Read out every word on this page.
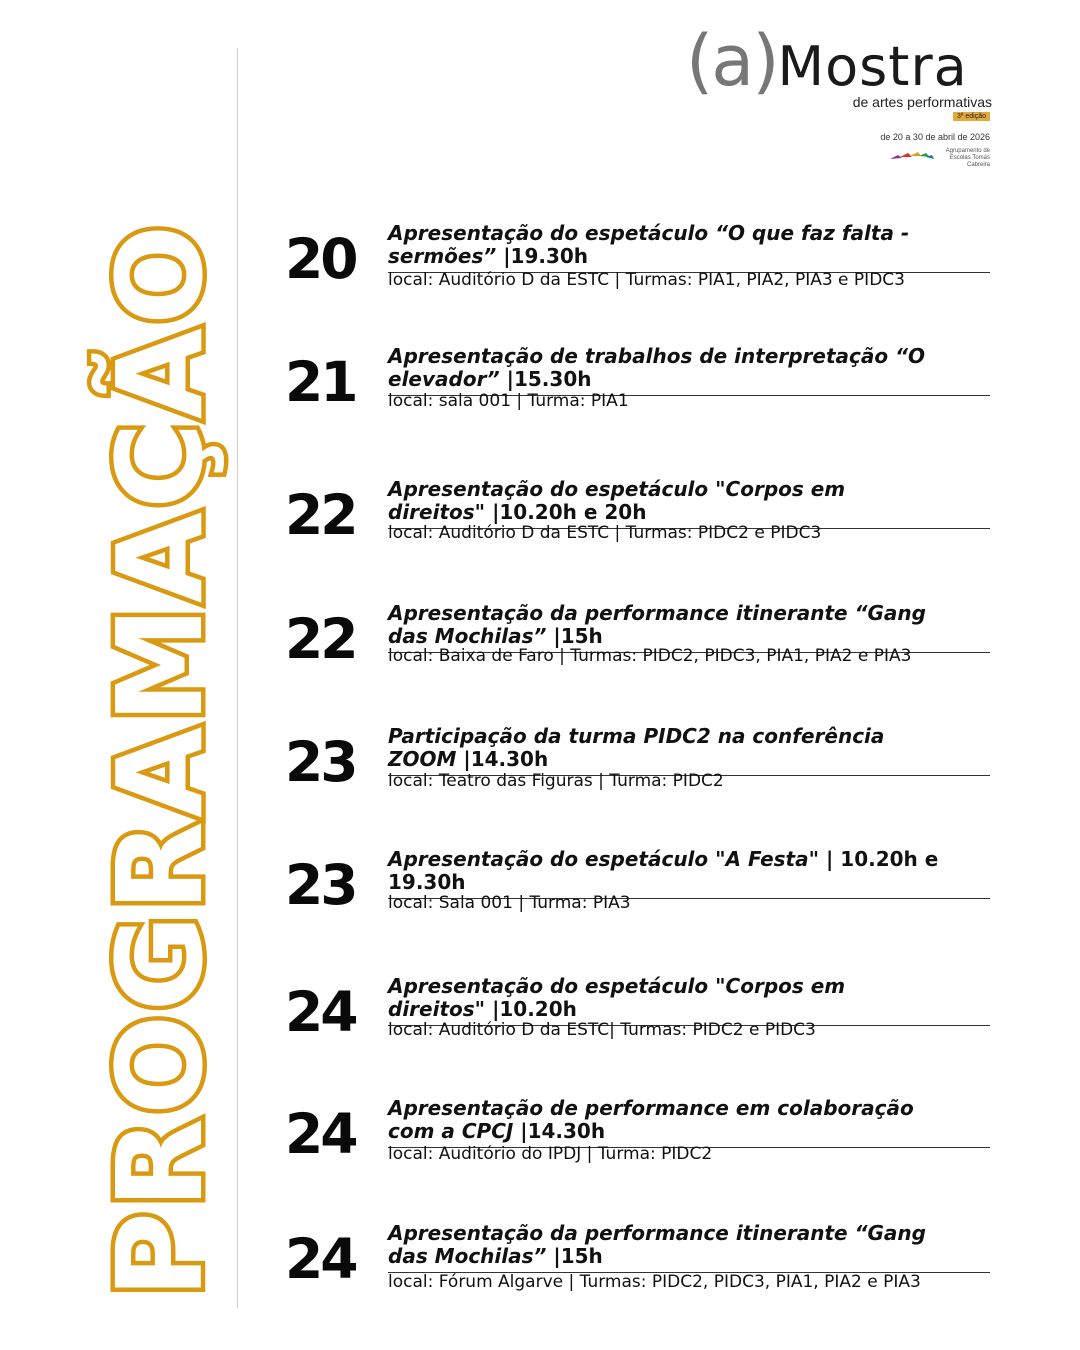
PROGRAMAÇÃO
(a)Mostra
de artes performativas
3ª edição
de 20 a 30 de abril de 2026
Agrupamento de Escolas Tomás Cabreira
20	Apresentação do espetáculo “O que faz falta - sermões” |19.30h
local: Auditório D da ESTC | Turmas: PIA1, PIA2, PIA3 e PIDC3
21	Apresentação de trabalhos de interpretação “O elevador” |15.30h
local: sala 001 | Turma: PIA1
22	Apresentação do espetáculo "Corpos em direitos" |10.20h e 20h
local: Auditório D da ESTC | Turmas: PIDC2 e PIDC3
22	Apresentação da performance itinerante “Gang das Mochilas” |15h
local: Baixa de Faro | Turmas: PIDC2, PIDC3, PIA1, PIA2 e PIA3
23	Participação da turma PIDC2 na conferência ZOOM |14.30h
local: Teatro das Figuras | Turma: PIDC2
23	Apresentação do espetáculo "A Festa" | 10.20h e 19.30h
local: Sala 001 | Turma: PIA3
24	Apresentação do espetáculo "Corpos em direitos" |10.20h
local: Auditório D da ESTC| Turmas: PIDC2 e PIDC3
24	Apresentação de performance em colaboração com a CPCJ |14.30h
local: Auditório do IPDJ | Turma: PIDC2
24	Apresentação da performance itinerante “Gang das Mochilas” |15h
local: Fórum Algarve | Turmas: PIDC2, PIDC3, PIA1, PIA2 e PIA3
